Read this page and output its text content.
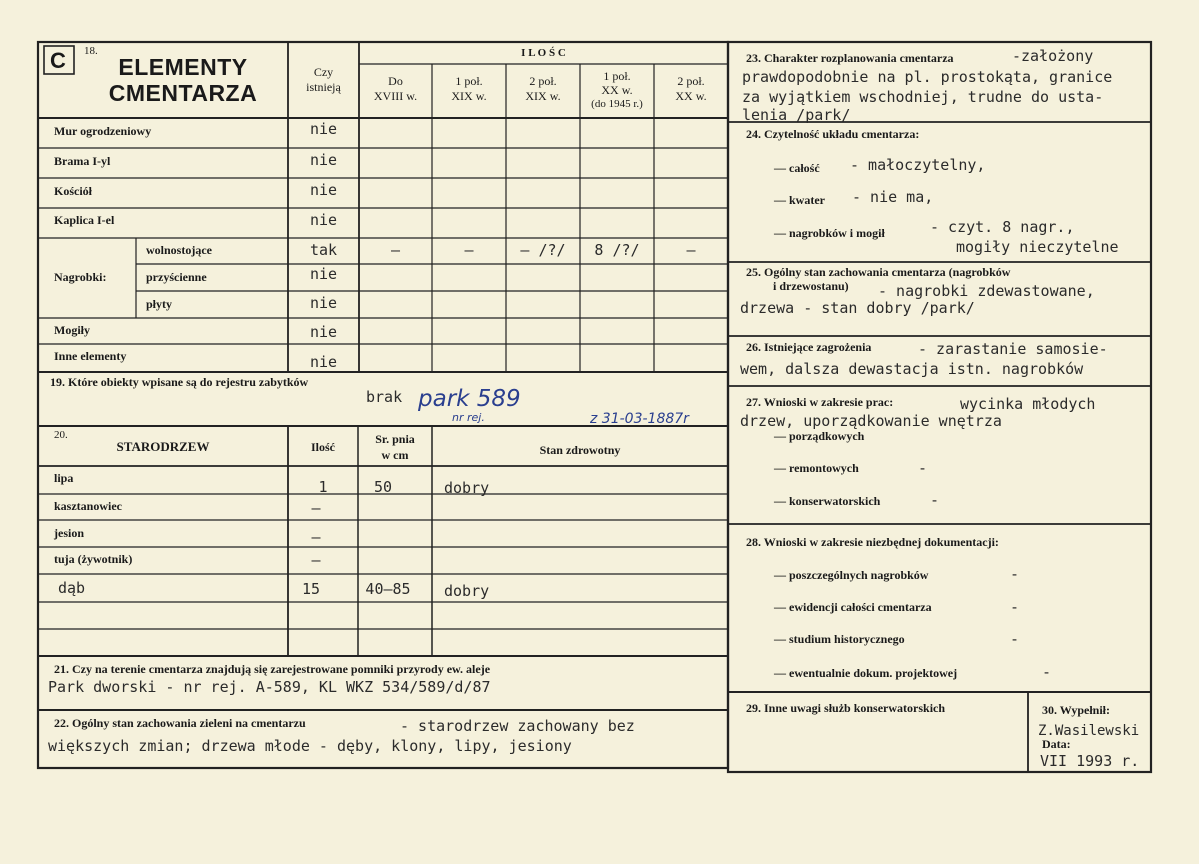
C 18.
ELEMENTY
CMENTARZA
Czy
istnieją
I L O Ś C
Do
XVIII w.
1 poł.
XIX w.
2 poł.
XIX w.
1 poł.
XX w.
(do 1945 r.)
2 poł.
XX w.
Mur ogrodzeniowy	nie
Brama I-yl	nie
Kościół	nie
Kaplica I-el	nie
Nagrobki:
wolnostojące	tak	–	–	– /?/	8 /?/	–
przyścienne	nie
płyty	nie
Mogiły	nie
Inne elementy	nie
19. Które obiekty wpisane są do rejestru zabytków
brak park 589
nr rej.	z 31-03-1887r
20.
STARODRZEW	Ilość
Sr. pnia
w cm	Stan zdrowotny
lipa	1	50	dobry
kasztanowiec	–
jesion	–
tuja (żywotnik)	–
dąb	15	40–85	dobry
21. Czy na terenie cmentarza znajdują się zarejestrowane pomniki przyrody ew. aleje
Park dworski - nr rej. A-589, KL WKZ 534/589/d/87
22. Ogólny stan zachowania zieleni na cmentarzu	- starodrzew zachowany bez
większych zmian; drzewa młode - dęby, klony, lipy, jesiony
23. Charakter rozplanowania cmentarza	-założony
prawdopodobnie na pl. prostokąta, granice
za wyjątkiem wschodniej, trudne do usta-
lenia /park/
24. Czytelność układu cmentarza:
— całość - małoczytelny,
— kwater - nie ma,
— nagrobków i mogił	- czyt. 8 nagr.,
mogiły nieczytelne
25. Ogólny stan zachowania cmentarza (nagrobków
i drzewostanu) - nagrobki zdewastowane,
drzewa - stan dobry /park/
26. Istniejące zagrożenia	- zarastanie samosie-
wem, dalsza dewastacja istn. nagrobków
27. Wnioski w zakresie prac:	wycinka młodych
drzew, uporządkowanie wnętrza
— porządkowych
— remontowych	-
— konserwatorskich	-
28. Wnioski w zakresie niezbędnej dokumentacji:
— poszczególnych nagrobków	-
— ewidencji całości cmentarza	-
— studium historycznego	-
— ewentualnie dokum. projektowej	-
29. Inne uwagi służb konserwatorskich	30. Wypełnił:
Z.Wasilewski
Data:
VII 1993 r.
